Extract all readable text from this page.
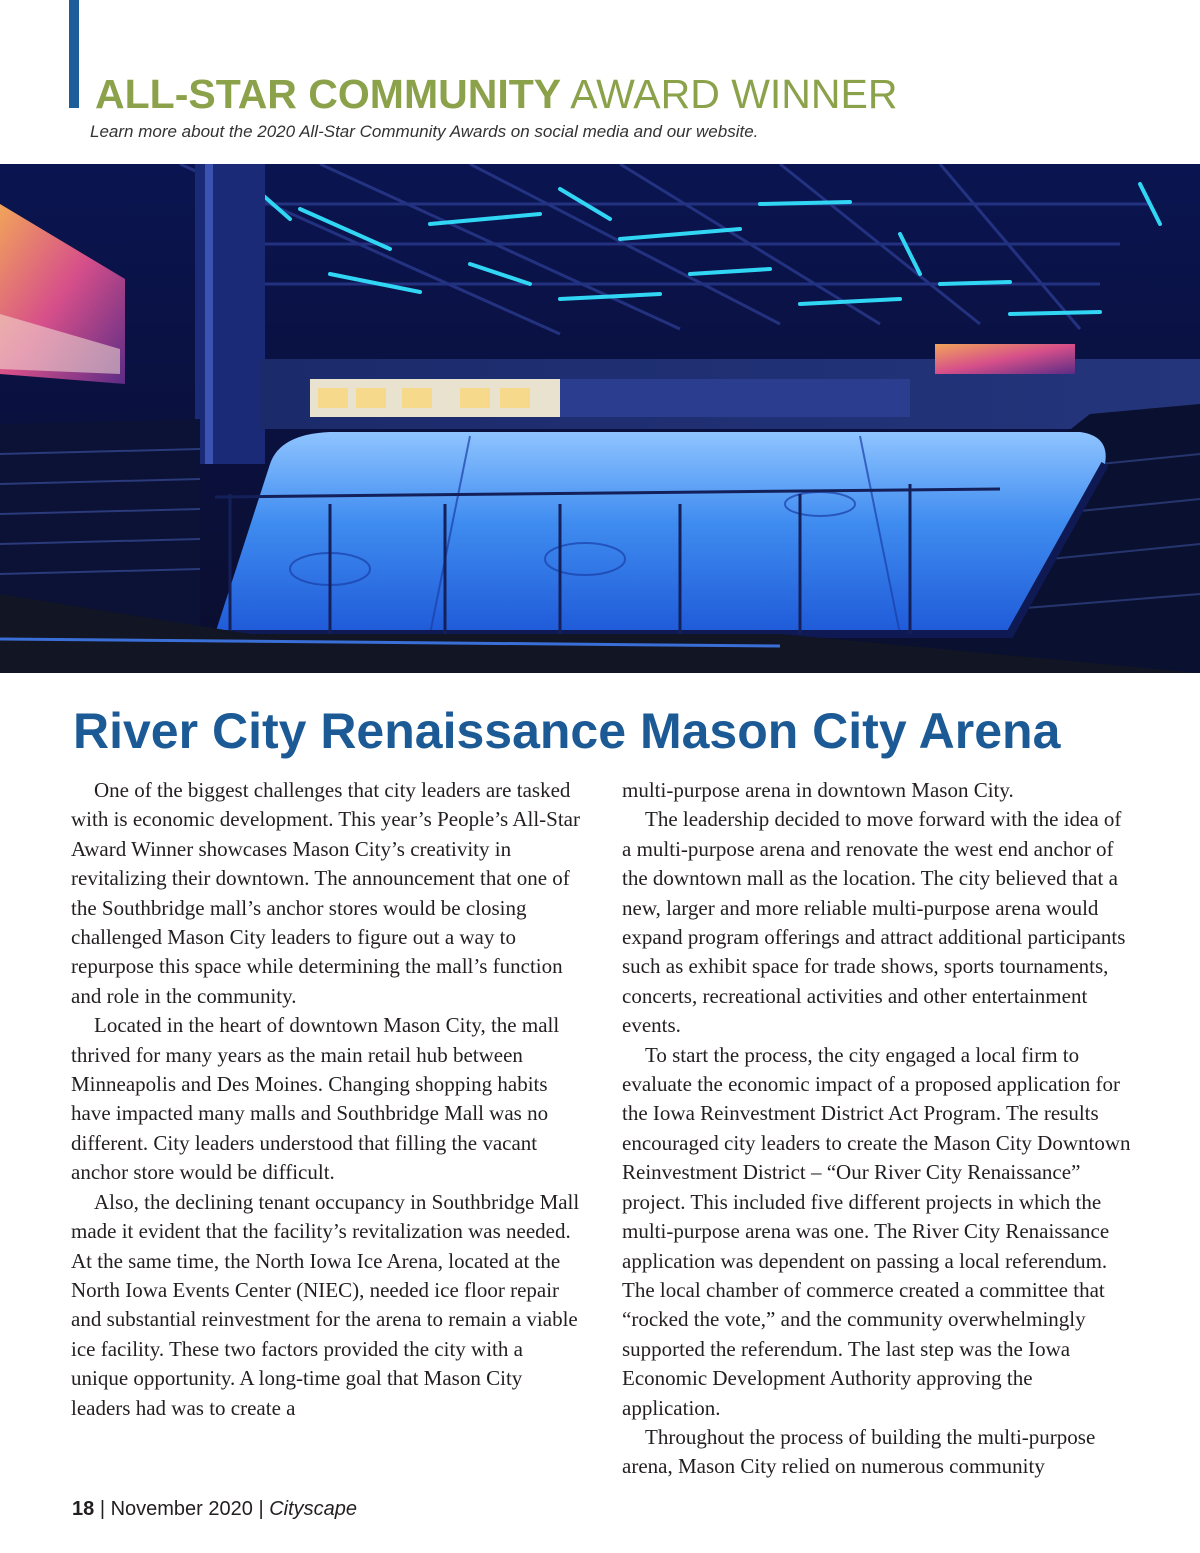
ALL-STAR COMMUNITY AWARD WINNER
Learn more about the 2020 All-Star Community Awards on social media and our website.
River City Renaissance Mason City Arena

One of the biggest challenges that city leaders are tasked with is economic development. This year’s People’s All-Star Award Winner showcases Mason City’s creativity in revitalizing their downtown. The announcement that one of the Southbridge mall’s anchor stores would be closing challenged Mason City leaders to figure out a way to repurpose this space while determining the mall’s function and role in the community.

Located in the heart of downtown Mason City, the mall thrived for many years as the main retail hub between Minneapolis and Des Moines. Changing shopping habits have impacted many malls and Southbridge Mall was no different. City leaders understood that filling the vacant anchor store would be difficult.

Also, the declining tenant occupancy in Southbridge Mall made it evident that the facility’s revitalization was needed. At the same time, the North Iowa Ice Arena, located at the North Iowa Events Center (NIEC), needed ice floor repair and substantial reinvestment for the arena to remain a viable ice facility. These two factors provided the city with a unique opportunity. A long-time goal that Mason City leaders had was to create a

multi-purpose arena in downtown Mason City.

The leadership decided to move forward with the idea of a multi-purpose arena and renovate the west end anchor of the downtown mall as the location. The city believed that a new, larger and more reliable multi-purpose arena would expand program offerings and attract additional participants such as exhibit space for trade shows, sports tournaments, concerts, recreational activities and other entertainment events.

To start the process, the city engaged a local firm to evaluate the economic impact of a proposed application for the Iowa Reinvestment District Act Program. The results encouraged city leaders to create the Mason City Downtown Reinvestment District – “Our River City Renaissance” project. This included five different projects in which the multi-purpose arena was one. The River City Renaissance application was dependent on passing a local referendum. The local chamber of commerce created a committee that “rocked the vote,” and the community overwhelmingly supported the referendum. The last step was the Iowa Economic Development Authority approving the application.

Throughout the process of building the multi-purpose arena, Mason City relied on numerous community

18 | November 2020 | Cityscape
